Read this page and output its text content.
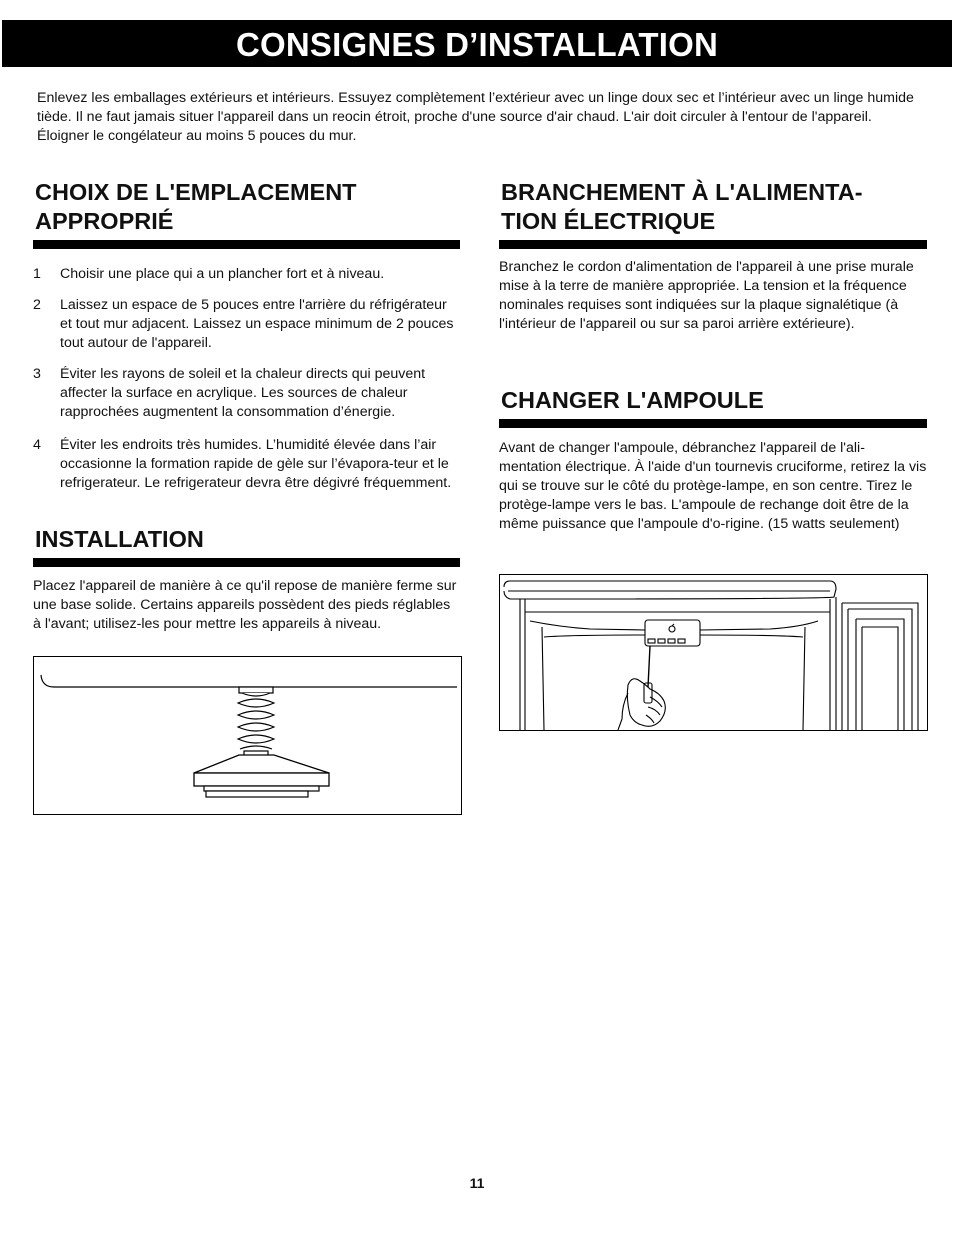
CONSIGNES D’INSTALLATION
Enlevez les emballages extérieurs et intérieurs. Essuyez complètement l’extérieur avec un linge doux sec et l’intérieur avec un linge humide tiède. Il ne faut jamais situer l'appareil dans un reocin étroit, proche d'une source d'air chaud. L'air doit circuler à l'entour de l'appareil. Éloigner le congélateur au moins 5 pouces du mur.
CHOIX DE L'EMPLACEMENT
APPROPRIÉ
1 Choisir une place qui a un plancher fort et à niveau.
2 Laissez un espace de 5 pouces entre l'arrière du réfrigérateur et tout mur adjacent. Laissez un espace minimum de 2 pouces tout autour de l'appareil.
3 Éviter les rayons de soleil et la chaleur directs qui peuvent affecter la surface en acrylique. Les sources de chaleur rapprochées augmentent la consommation d’énergie.
4 Éviter les endroits très humides. L’humidité élevée dans l’air occasionne la formation rapide de gèle sur l’évapora-teur et le refrigerateur. Le refrigerateur devra être dégivré fréquemment.
INSTALLATION
Placez l'appareil de manière à ce qu'il repose de manière ferme sur une base solide. Certains appareils possèdent des pieds réglables à l'avant; utilisez-les pour mettre les appareils à niveau.
BRANCHEMENT À L'ALIMENTA-
TION ÉLECTRIQUE
Branchez le cordon d'alimentation de l'appareil à une prise murale mise à la terre de manière appropriée. La tension et la fréquence nominales requises sont indiquées sur la plaque signalétique (à l'intérieur de l'appareil ou sur sa paroi arrière extérieure).
CHANGER L'AMPOULE
Avant de changer l'ampoule, débranchez l'appareil de l'ali-mentation électrique. À l'aide d'un tournevis cruciforme, retirez la vis qui se trouve sur le côté du protège-lampe, en son centre. Tirez le protège-lampe vers le bas. L'ampoule de rechange doit être de la même puissance que l'ampoule d'o-rigine. (15 watts seulement)
11
